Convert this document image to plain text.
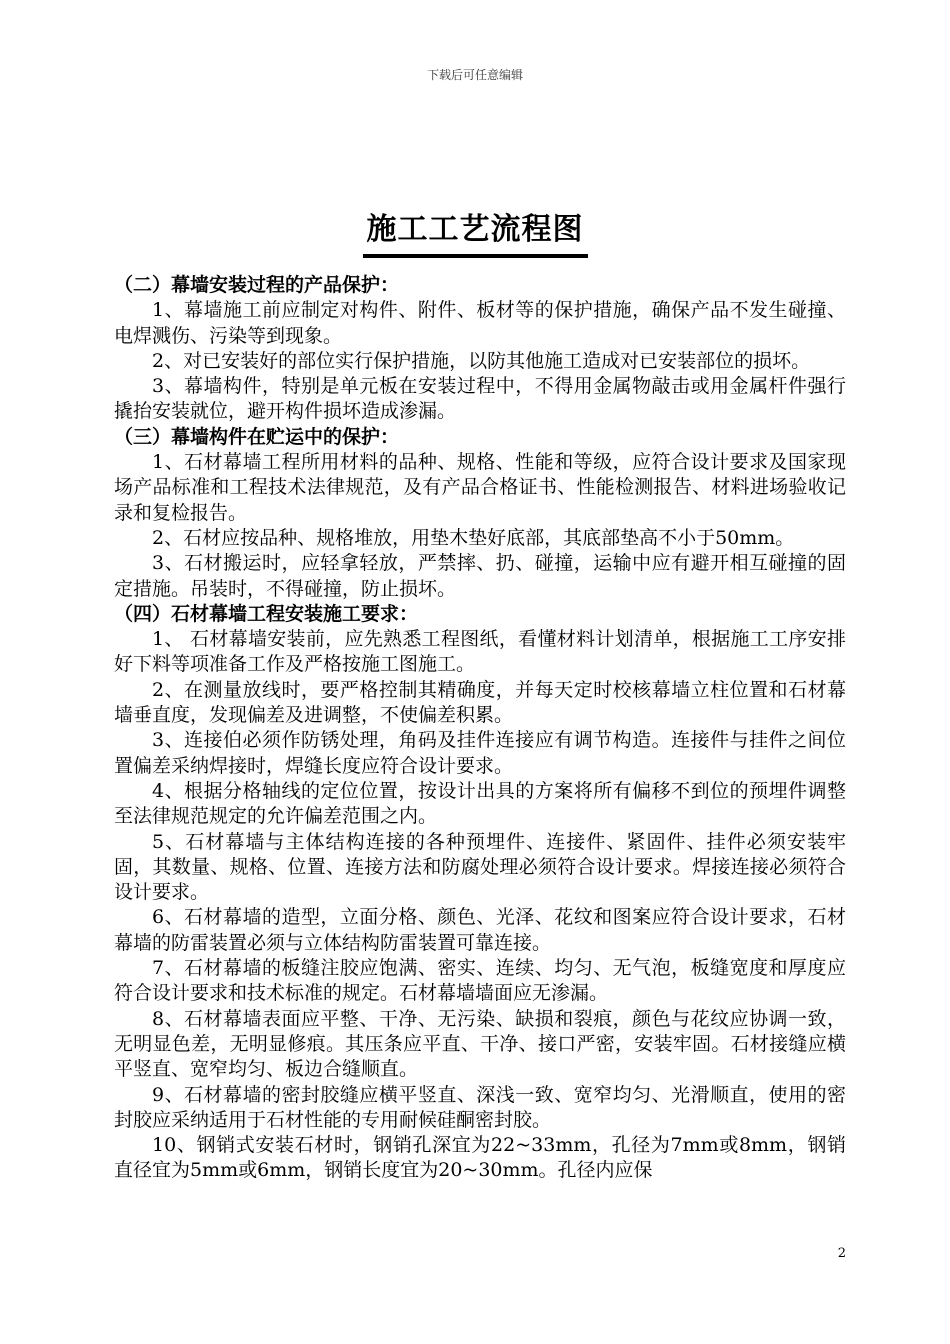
下载后可任意编辑
施工工艺流程图
（二）幕墙安装过程的产品保护：
1、幕墙施工前应制定对构件、附件、板材等的保护措施，确保产品不发生碰撞、电焊溅伤、污染等到现象。
2、对已安装好的部位实行保护措施，以防其他施工造成对已安装部位的损坏。
3、幕墙构件，特别是单元板在安装过程中，不得用金属物敲击或用金属杆件强行撬抬安装就位，避开构件损坏造成渗漏。
（三）幕墙构件在贮运中的保护：
1、石材幕墙工程所用材料的品种、规格、性能和等级，应符合设计要求及国家现场产品标准和工程技术法律规范，及有产品合格证书、性能检测报告、材料进场验收记录和复检报告。
2、石材应按品种、规格堆放，用垫木垫好底部，其底部垫高不小于50mm。
3、石材搬运时，应轻拿轻放，严禁摔、扔、碰撞，运输中应有避开相互碰撞的固定措施。吊装时，不得碰撞，防止损坏。
（四）石材幕墙工程安装施工要求：
1、 石材幕墙安装前，应先熟悉工程图纸，看懂材料计划清单，根据施工工序安排好下料等项准备工作及严格按施工图施工。
2、在测量放线时，要严格控制其精确度，并每天定时校核幕墙立柱位置和石材幕墙垂直度，发现偏差及进调整，不使偏差积累。
3、连接伯必须作防锈处理，角码及挂件连接应有调节构造。连接件与挂件之间位置偏差采纳焊接时，焊缝长度应符合设计要求。
4、根据分格轴线的定位位置，按设计出具的方案将所有偏移不到位的预埋件调整至法律规范规定的允许偏差范围之内。
5、石材幕墙与主体结构连接的各种预埋件、连接件、紧固件、挂件必须安装牢固，其数量、规格、位置、连接方法和防腐处理必须符合设计要求。焊接连接必须符合设计要求。
6、石材幕墙的造型，立面分格、颜色、光泽、花纹和图案应符合设计要求，石材幕墙的防雷装置必须与立体结构防雷装置可靠连接。
7、石材幕墙的板缝注胶应饱满、密实、连续、均匀、无气泡，板缝宽度和厚度应符合设计要求和技术标准的规定。石材幕墙墙面应无渗漏。
8、石材幕墙表面应平整、干净、无污染、缺损和裂痕，颜色与花纹应协调一致，无明显色差，无明显修痕。其压条应平直、干净、接口严密，安装牢固。石材接缝应横平竖直、宽窄均匀、板边合缝顺直。
9、石材幕墙的密封胶缝应横平竖直、深浅一致、宽窄均匀、光滑顺直，使用的密封胶应采纳适用于石材性能的专用耐候硅酮密封胶。
10、钢销式安装石材时，钢销孔深宜为22~33mm，孔径为7mm或8mm，钢销直径宜为5mm或6mm，钢销长度宜为20~30mm。孔径内应保
2
